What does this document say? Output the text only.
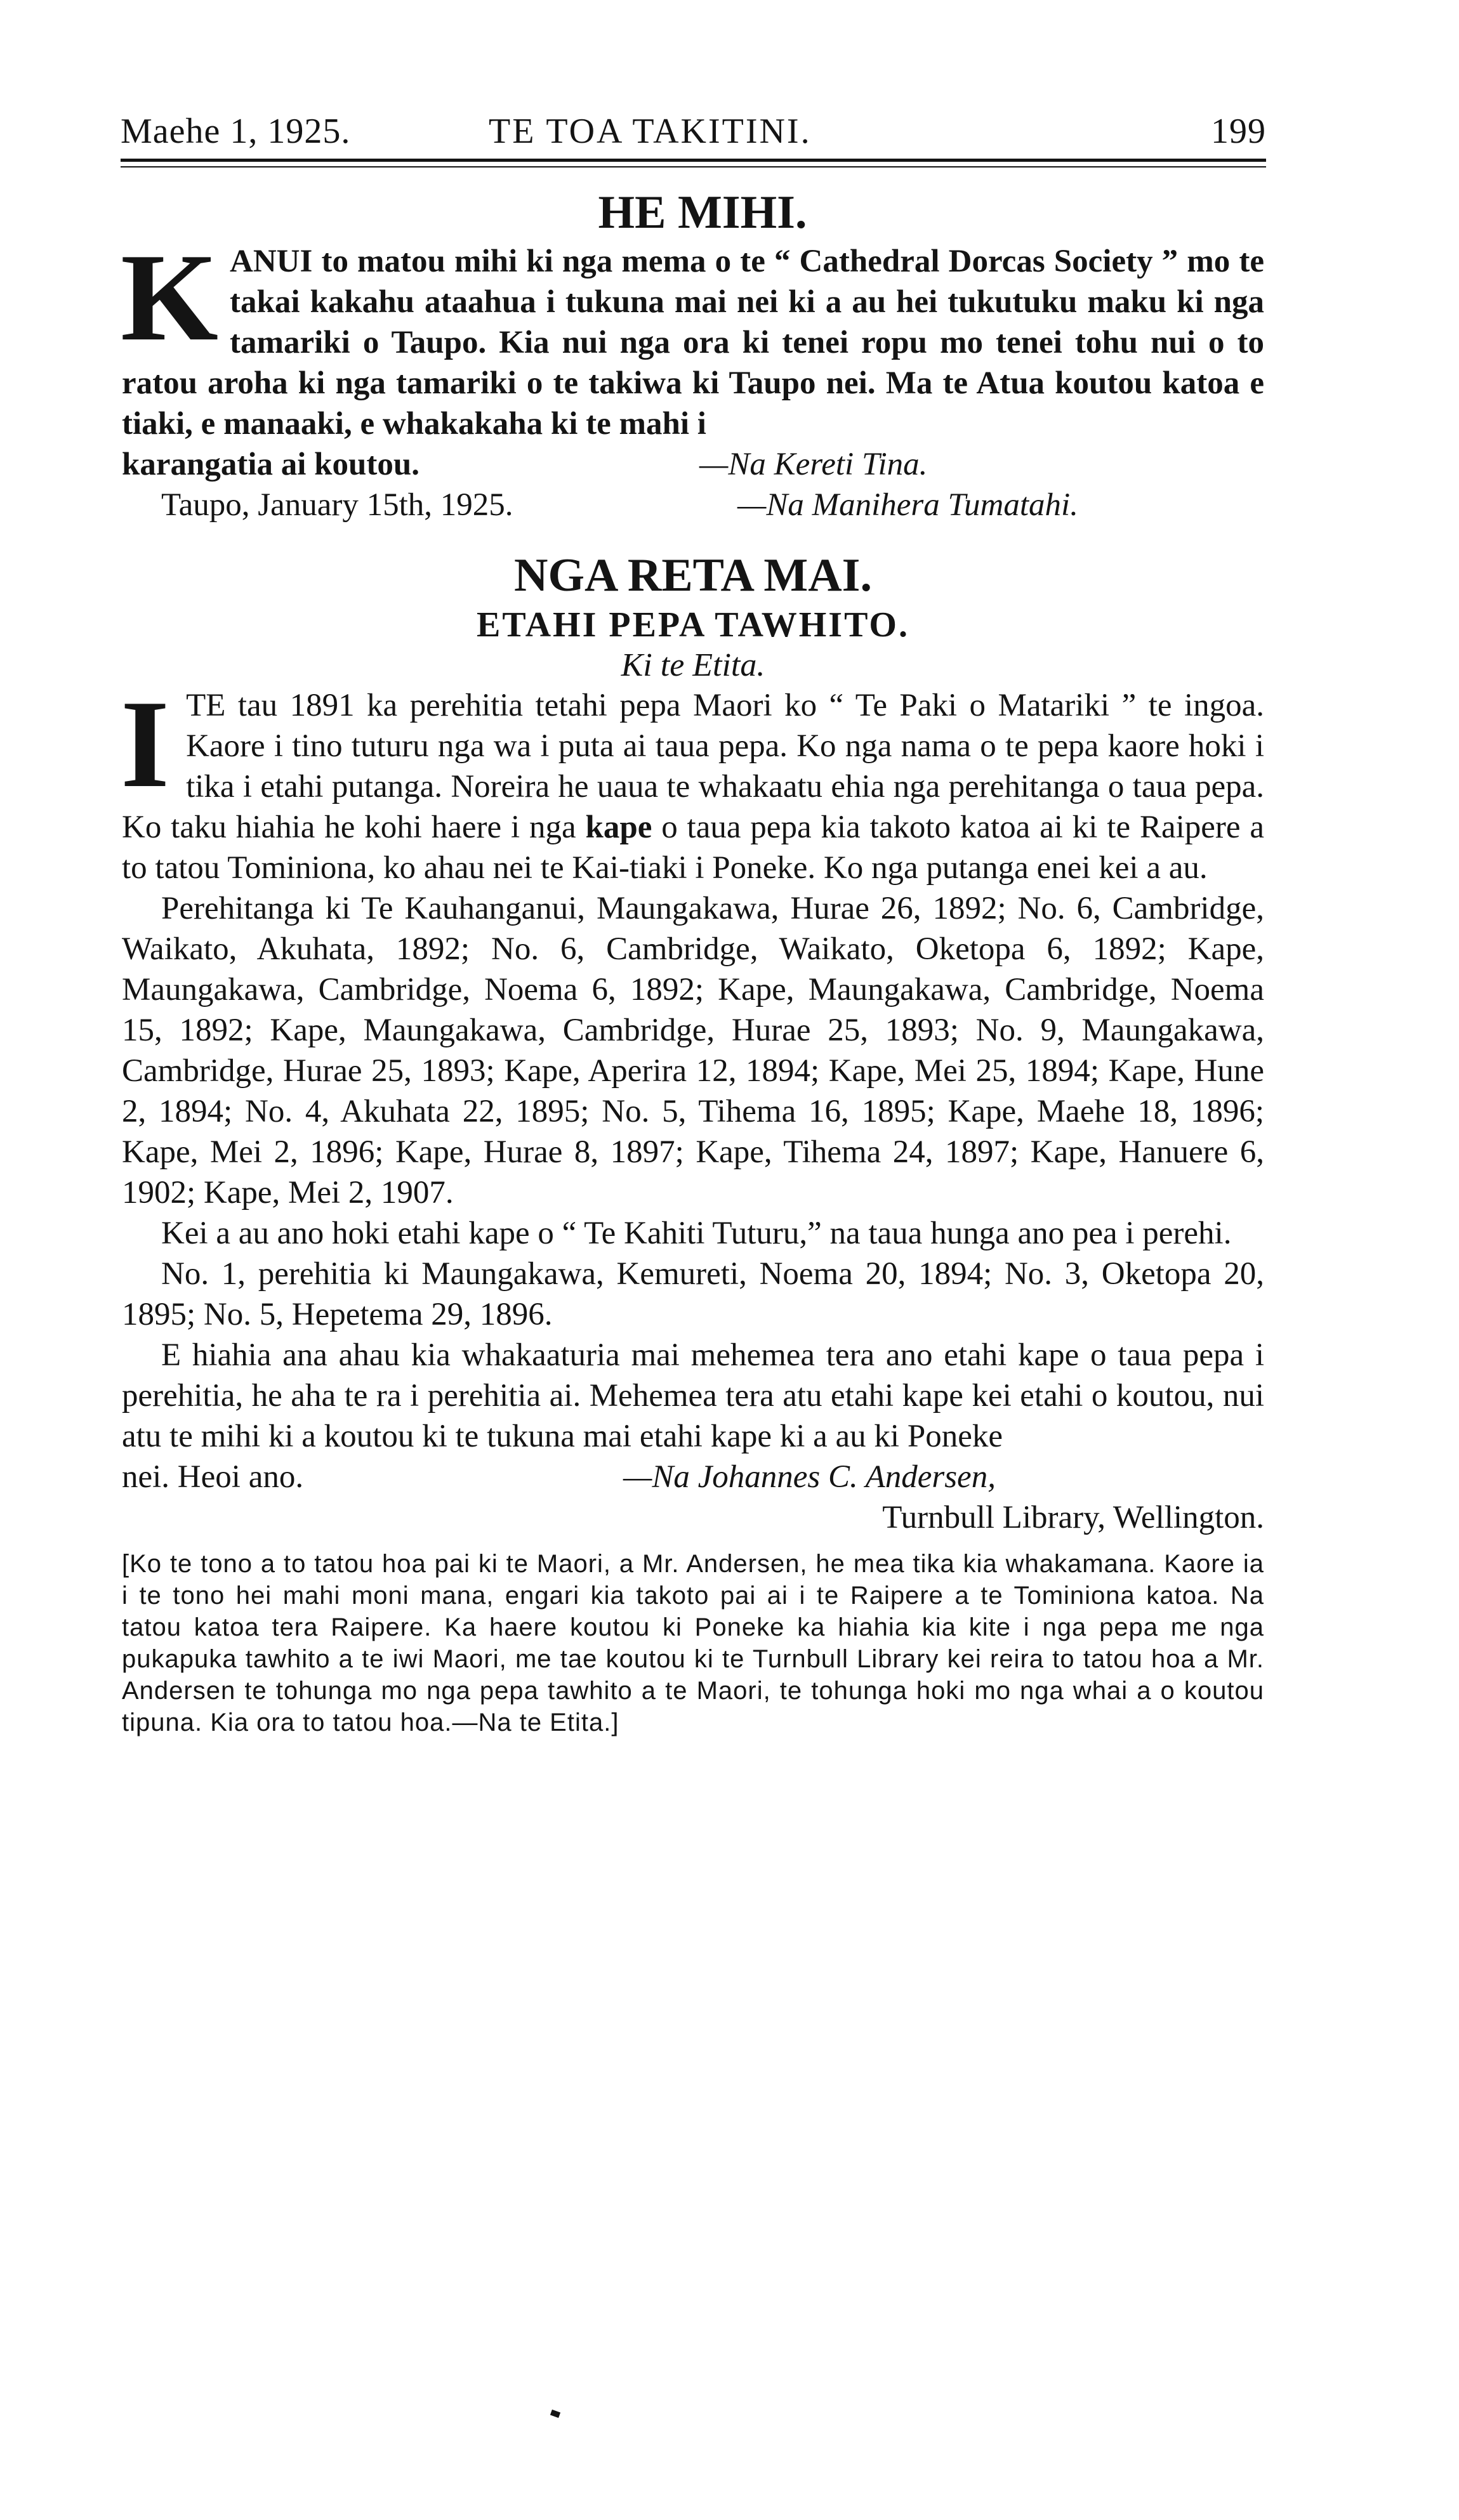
Maehe 1, 1925.	TE TOA TAKITINI.	199
HE MIHI.

K ANUI to matou mihi ki nga mema o te “ Cathedral Dorcas Society ” mo te takai kakahu ataahua i tukuna mai nei ki a au hei tukutuku maku ki nga tamariki o Taupo. Kia nui nga ora ki tenei ropu mo tenei tohu nui o to ratou aroha ki nga tamariki o te takiwa ki Taupo nei. Ma te Atua koutou katoa e tiaki, e manaaki, e whakakaha ki te mahi i

karangatia ai koutou.	—Na Kereti Tina.
Taupo, January 15th, 1925.	—Na Manihera Tumatahi.
NGA RETA MAI.
ETAHI PEPA TAWHITO.
Ki te Etita.

I TE tau 1891 ka perehitia tetahi pepa Maori ko “ Te Paki o Matariki ” te ingoa. Kaore i tino tuturu nga wa i puta ai taua pepa. Ko nga nama o te pepa kaore hoki i tika i etahi putanga. Noreira he uaua te whakaatu ehia nga perehitanga o taua pepa. Ko taku hiahia he kohi haere i nga kape o taua pepa kia takoto katoa ai ki te Raipere a to tatou Tominiona, ko ahau nei te Kai-tiaki i Poneke. Ko nga putanga enei kei a au.

Perehitanga ki Te Kauhanganui, Maungakawa, Hurae 26, 1892; No. 6, Cambridge, Waikato, Akuhata, 1892; No. 6, Cambridge, Waikato, Oketopa 6, 1892; Kape, Maungakawa, Cambridge, Noema 6, 1892; Kape, Maungakawa, Cambridge, Noema 15, 1892; Kape, Maungakawa, Cambridge, Hurae 25, 1893; No. 9, Maungakawa, Cambridge, Hurae 25, 1893; Kape, Aperira 12, 1894; Kape, Mei 25, 1894; Kape, Hune 2, 1894; No. 4, Akuhata 22, 1895; No. 5, Tihema 16, 1895; Kape, Maehe 18, 1896; Kape, Mei 2, 1896; Kape, Hurae 8, 1897; Kape, Tihema 24, 1897; Kape, Hanuere 6, 1902; Kape, Mei 2, 1907.

Kei a au ano hoki etahi kape o “ Te Kahiti Tuturu,” na taua hunga ano pea i perehi.

No. 1, perehitia ki Maungakawa, Kemureti, Noema 20, 1894; No. 3, Oketopa 20, 1895; No. 5, Hepetema 29, 1896.

E hiahia ana ahau kia whakaaturia mai mehemea tera ano etahi kape o taua pepa i perehitia, he aha te ra i perehitia ai. Mehemea tera atu etahi kape kei etahi o koutou, nui atu te mihi ki a koutou ki te tukuna mai etahi kape ki a au ki Poneke

nei. Heoi ano.	—Na Johannes C. Andersen,

Turnbull Library, Wellington.

[Ko te tono a to tatou hoa pai ki te Maori, a Mr. Andersen, he mea tika kia whakamana. Kaore ia i te tono hei mahi moni mana, engari kia takoto pai ai i te Raipere a te Tominiona katoa. Na tatou katoa tera Raipere. Ka haere koutou ki Poneke ka hiahia kia kite i nga pepa me nga pukapuka tawhito a te iwi Maori, me tae koutou ki te Turnbull Library kei reira to tatou hoa a Mr. Andersen te tohunga mo nga pepa tawhito a te Maori, te tohunga hoki mo nga whai a o koutou tipuna. Kia ora to tatou hoa.—Na te Etita.]
